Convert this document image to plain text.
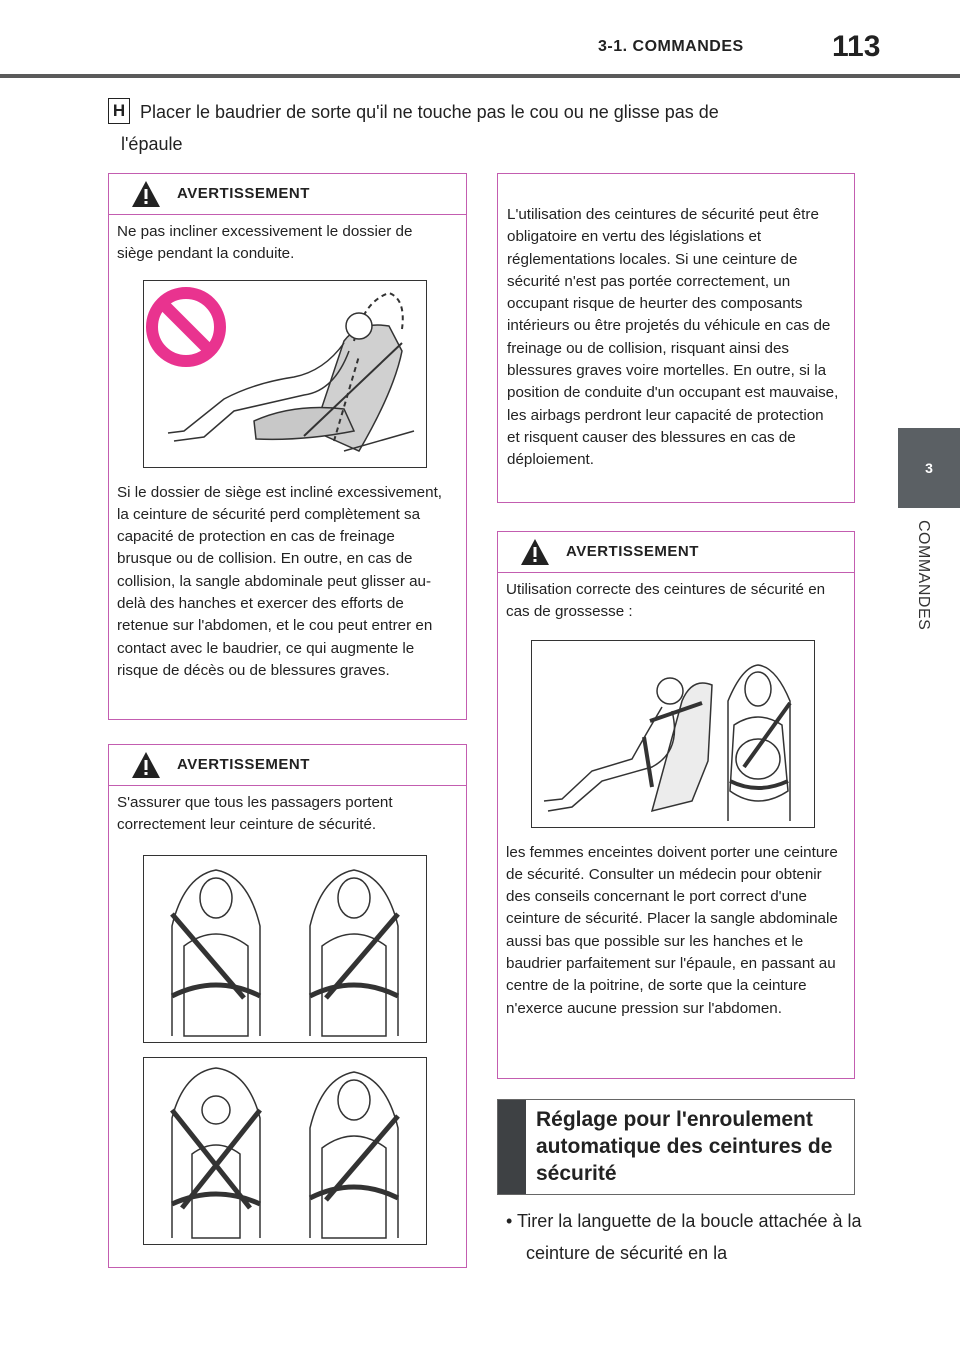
3-1. COMMANDES	113
3
COMMANDES
H Placer le baudrier de sorte qu'il ne touche pas le cou ou ne glisse pas de
l'épaule
AVERTISSEMENT
Ne pas incliner excessivement le dossier de siège pendant la conduite.
Si le dossier de siège est incliné excessivement, la ceinture de sécurité perd complètement sa capacité de protection en cas de freinage brusque ou de collision. En outre, en cas de collision, la sangle abdominale peut glisser au-delà des hanches et exercer des efforts de retenue sur l'abdomen, et le cou peut entrer en contact avec le baudrier, ce qui augmente le risque de décès ou de blessures graves.
AVERTISSEMENT
S'assurer que tous les passagers portent correctement leur ceinture de sécurité.
L'utilisation des ceintures de sécurité peut être obligatoire en vertu des législations et réglementations locales. Si une ceinture de sécurité n'est pas portée correctement, un occupant risque de heurter des composants intérieurs ou être projetés du véhicule en cas de freinage ou de collision, risquant ainsi des blessures graves voire mortelles. En outre, si la position de conduite d'un occupant est mauvaise, les airbags perdront leur capacité de protection et risquent causer des blessures en cas de déploiement.
AVERTISSEMENT
Utilisation correcte des ceintures de sécurité en cas de grossesse :
les femmes enceintes doivent porter une ceinture de sécurité. Consulter un médecin pour obtenir des conseils concernant le port correct d'une ceinture de sécurité. Placer la sangle abdominale aussi bas que possible sur les hanches et le baudrier parfaitement sur l'épaule, en passant au centre de la poitrine, de sorte que la ceinture n'exerce aucune pression sur l'abdomen.
Réglage pour l'enroulement automatique des ceintures de sécurité
• Tirer la languette de la boucle attachée à la ceinture de sécurité en la
